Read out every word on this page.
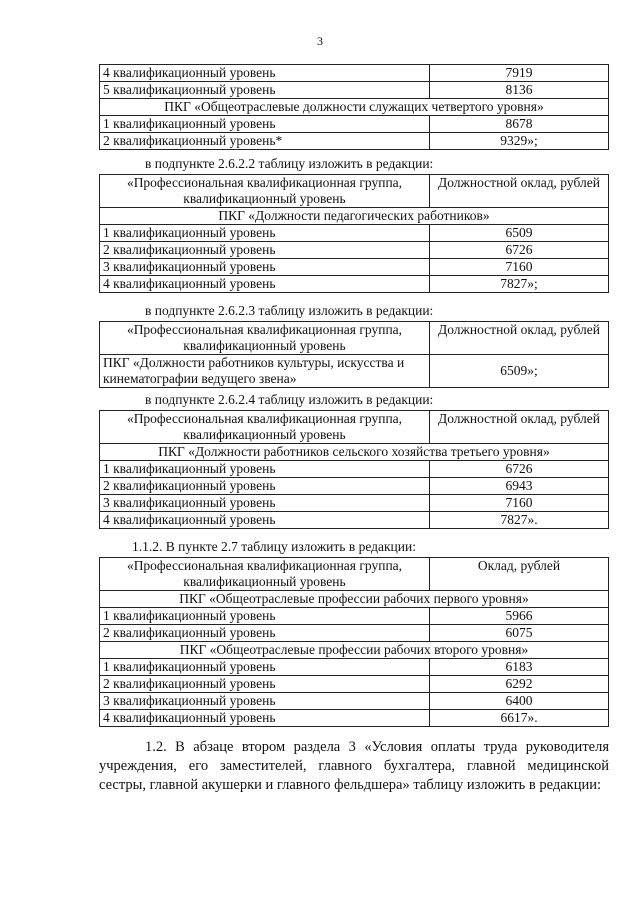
3
4 квалификационный уровень	7919
5 квалификационный уровень	8136
ПКГ «Общеотраслевые должности служащих четвертого уровня»	
1 квалификационный уровень	8678
2 квалификационный уровень*	9329»;
в подпункте 2.6.2.2 таблицу изложить в редакции:
«Профессиональная квалификационная группа, квалификационный уровень	Должностной оклад, рублей
ПКГ «Должности педагогических работников»	
1 квалификационный уровень	6509
2 квалификационный уровень	6726
3 квалификационный уровень	7160
4 квалификационный уровень	7827»;
в подпункте 2.6.2.3 таблицу изложить в редакции:
«Профессиональная квалификационная группа, квалификационный уровень	Должностной оклад, рублей
ПКГ «Должности работников культуры, искусства и кинематографии ведущего звена»	6509»;
в подпункте 2.6.2.4 таблицу изложить в редакции:
«Профессиональная квалификационная группа, квалификационный уровень	Должностной оклад, рублей
ПКГ «Должности работников сельского хозяйства третьего уровня»	
1 квалификационный уровень	6726
2 квалификационный уровень	6943
3 квалификационный уровень	7160
4 квалификационный уровень	7827».
1.1.2. В пункте 2.7 таблицу изложить в редакции:
«Профессиональная квалификационная группа, квалификационный уровень	Оклад, рублей
ПКГ «Общеотраслевые профессии рабочих первого уровня»	
1 квалификационный уровень	5966
2 квалификационный уровень	6075
ПКГ «Общеотраслевые профессии рабочих второго уровня»	
1 квалификационный уровень	6183
2 квалификационный уровень	6292
3 квалификационный уровень	6400
4 квалификационный уровень	6617».
1.2. В абзаце втором раздела 3 «Условия оплаты труда руководителя учреждения, его заместителей, главного бухгалтера, главной медицинской сестры, главной акушерки и главного фельдшера» таблицу изложить в редакции:
